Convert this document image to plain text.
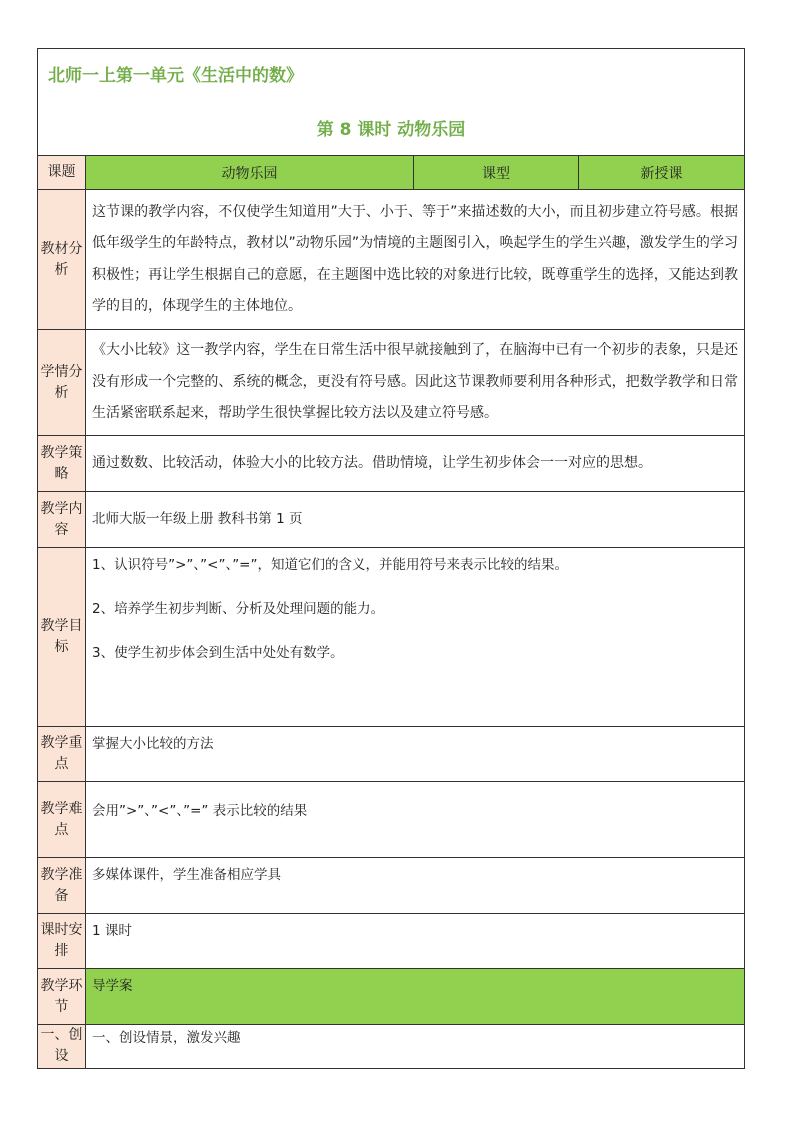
北师一上第一单元《生活中的数》
第 8 课时 动物乐园			

课题	动物乐园	课型	新授课
教材分析	这节课的教学内容，不仅使学生知道用”大于、小于、等于”来描述数的大小，而且初步建立符号感。根据低年级学生的年龄特点，教材以”动物乐园”为情境的主题图引入，唤起学生的学生兴趣，激发学生的学习积极性；再让学生根据自己的意愿，在主题图中选比较的对象进行比较，既尊重学生的选择，又能达到教学的目的，体现学生的主体地位。		
学情分析	《大小比较》这一教学内容，学生在日常生活中很早就接触到了，在脑海中已有一个初步的表象，只是还没有形成一个完整的、系统的概念，更没有符号感。因此这节课教师要利用各种形式，把数学教学和日常生活紧密联系起来，帮助学生很快掌握比较方法以及建立符号感。		
教学策略	通过数数、比较活动，体验大小的比较方法。借助情境，让学生初步体会一一对应的思想。		
教学内容	北师大版一年级上册 教科书第 1 页		
教学目标	1、认识符号”>”、”<”、”=”，知道它们的含义，并能用符号来表示比较的结果。

2、培养学生初步判断、分析及处理问题的能力。

3、使学生初步体会到生活中处处有数学。		

教学重点	掌握大小比较的方法		
教学难点	会用”>”、”<”、”=” 表示比较的结果		
教学准备	多媒体课件，学生准备相应学具		
课时安排	1 课时		
教学环节	导学案		
一、创设	一、创设情景，激发兴趣		
